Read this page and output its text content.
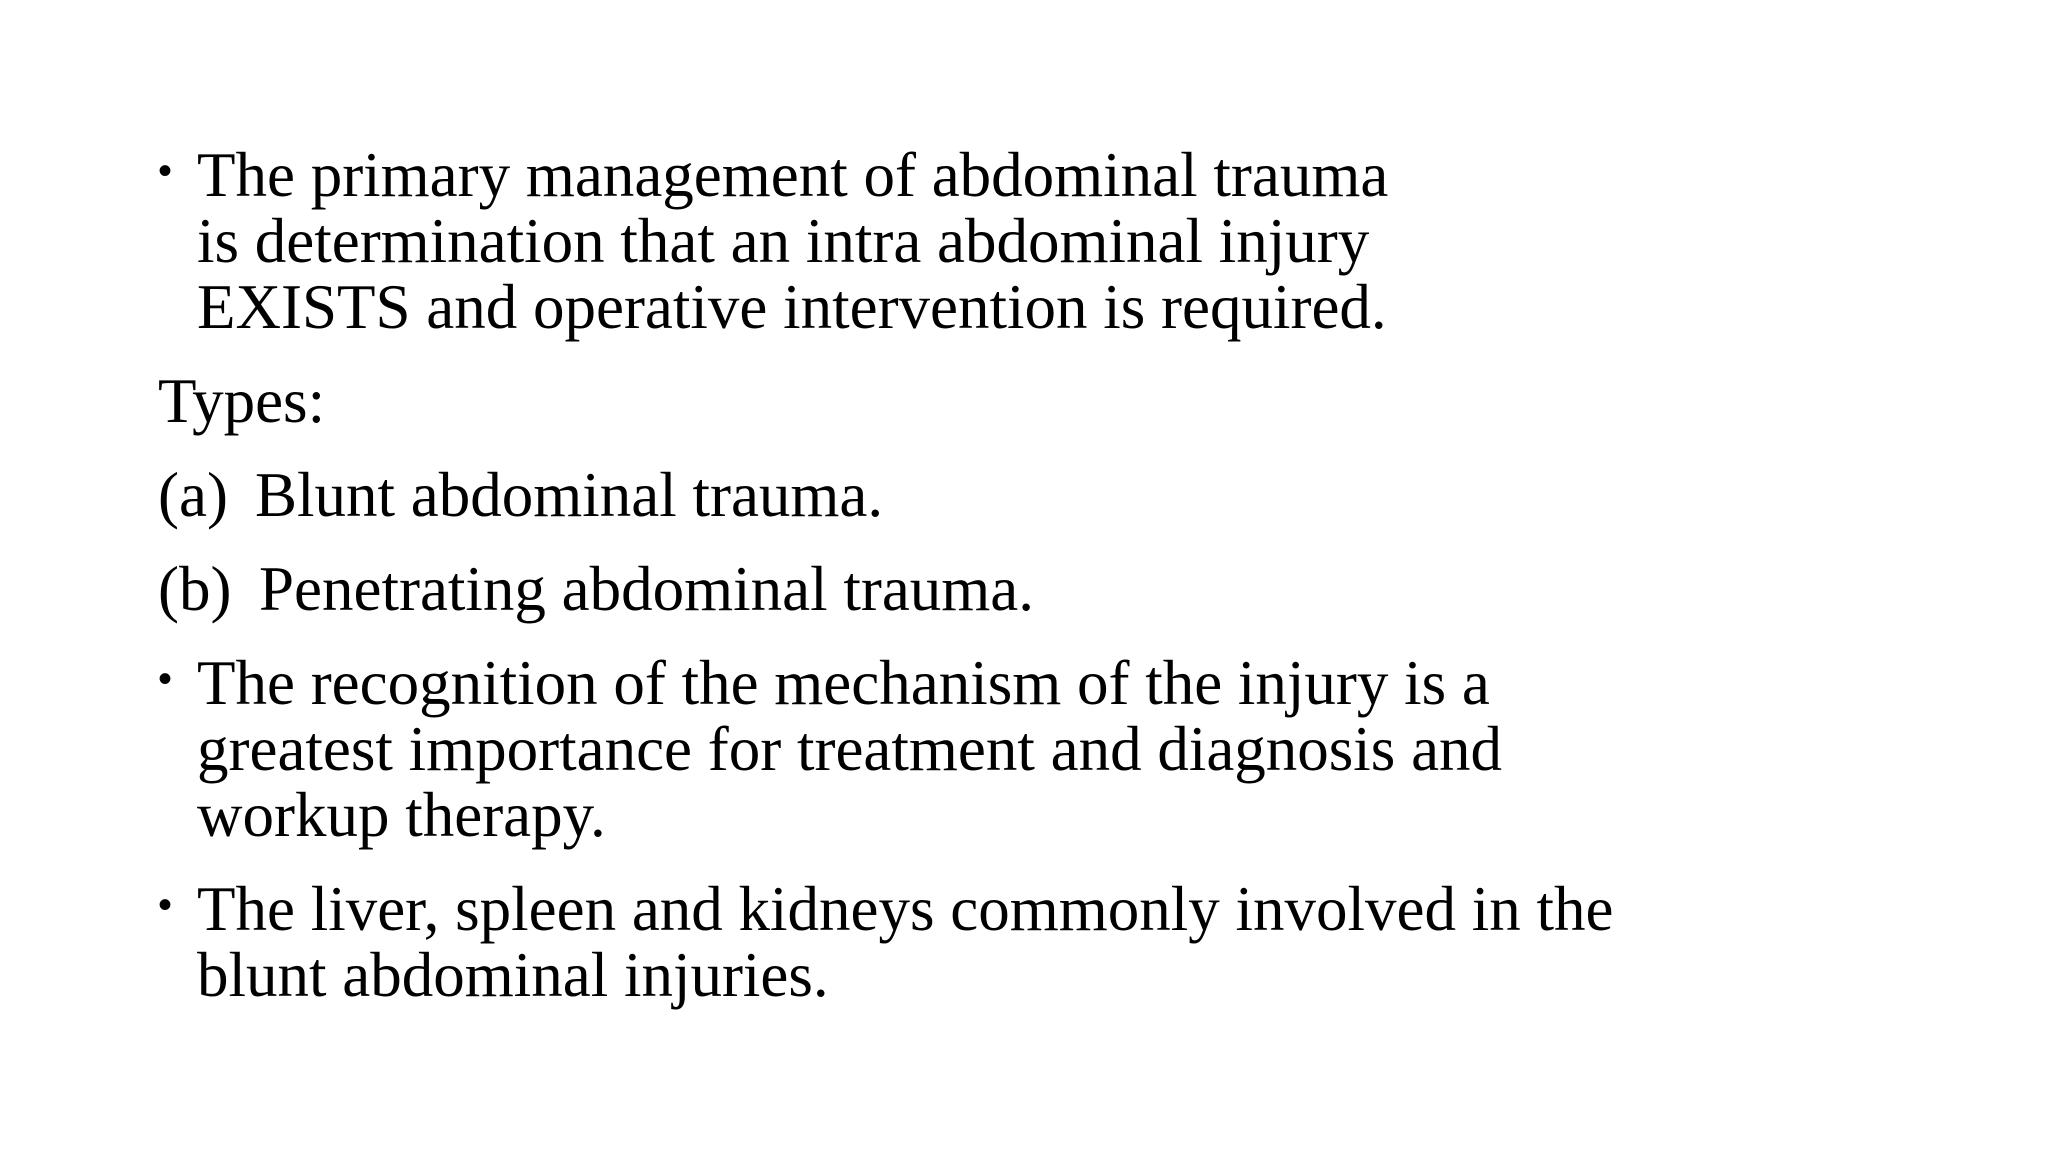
• The primary management of abdominal trauma is determination that an intra abdominal injury EXISTS and operative intervention is required.
Types:
(a) Blunt abdominal trauma.
(b) Penetrating abdominal trauma.
• The recognition of the mechanism of the injury is a greatest importance for treatment and diagnosis and workup therapy.
• The liver, spleen and kidneys commonly involved in the blunt abdominal injuries.
